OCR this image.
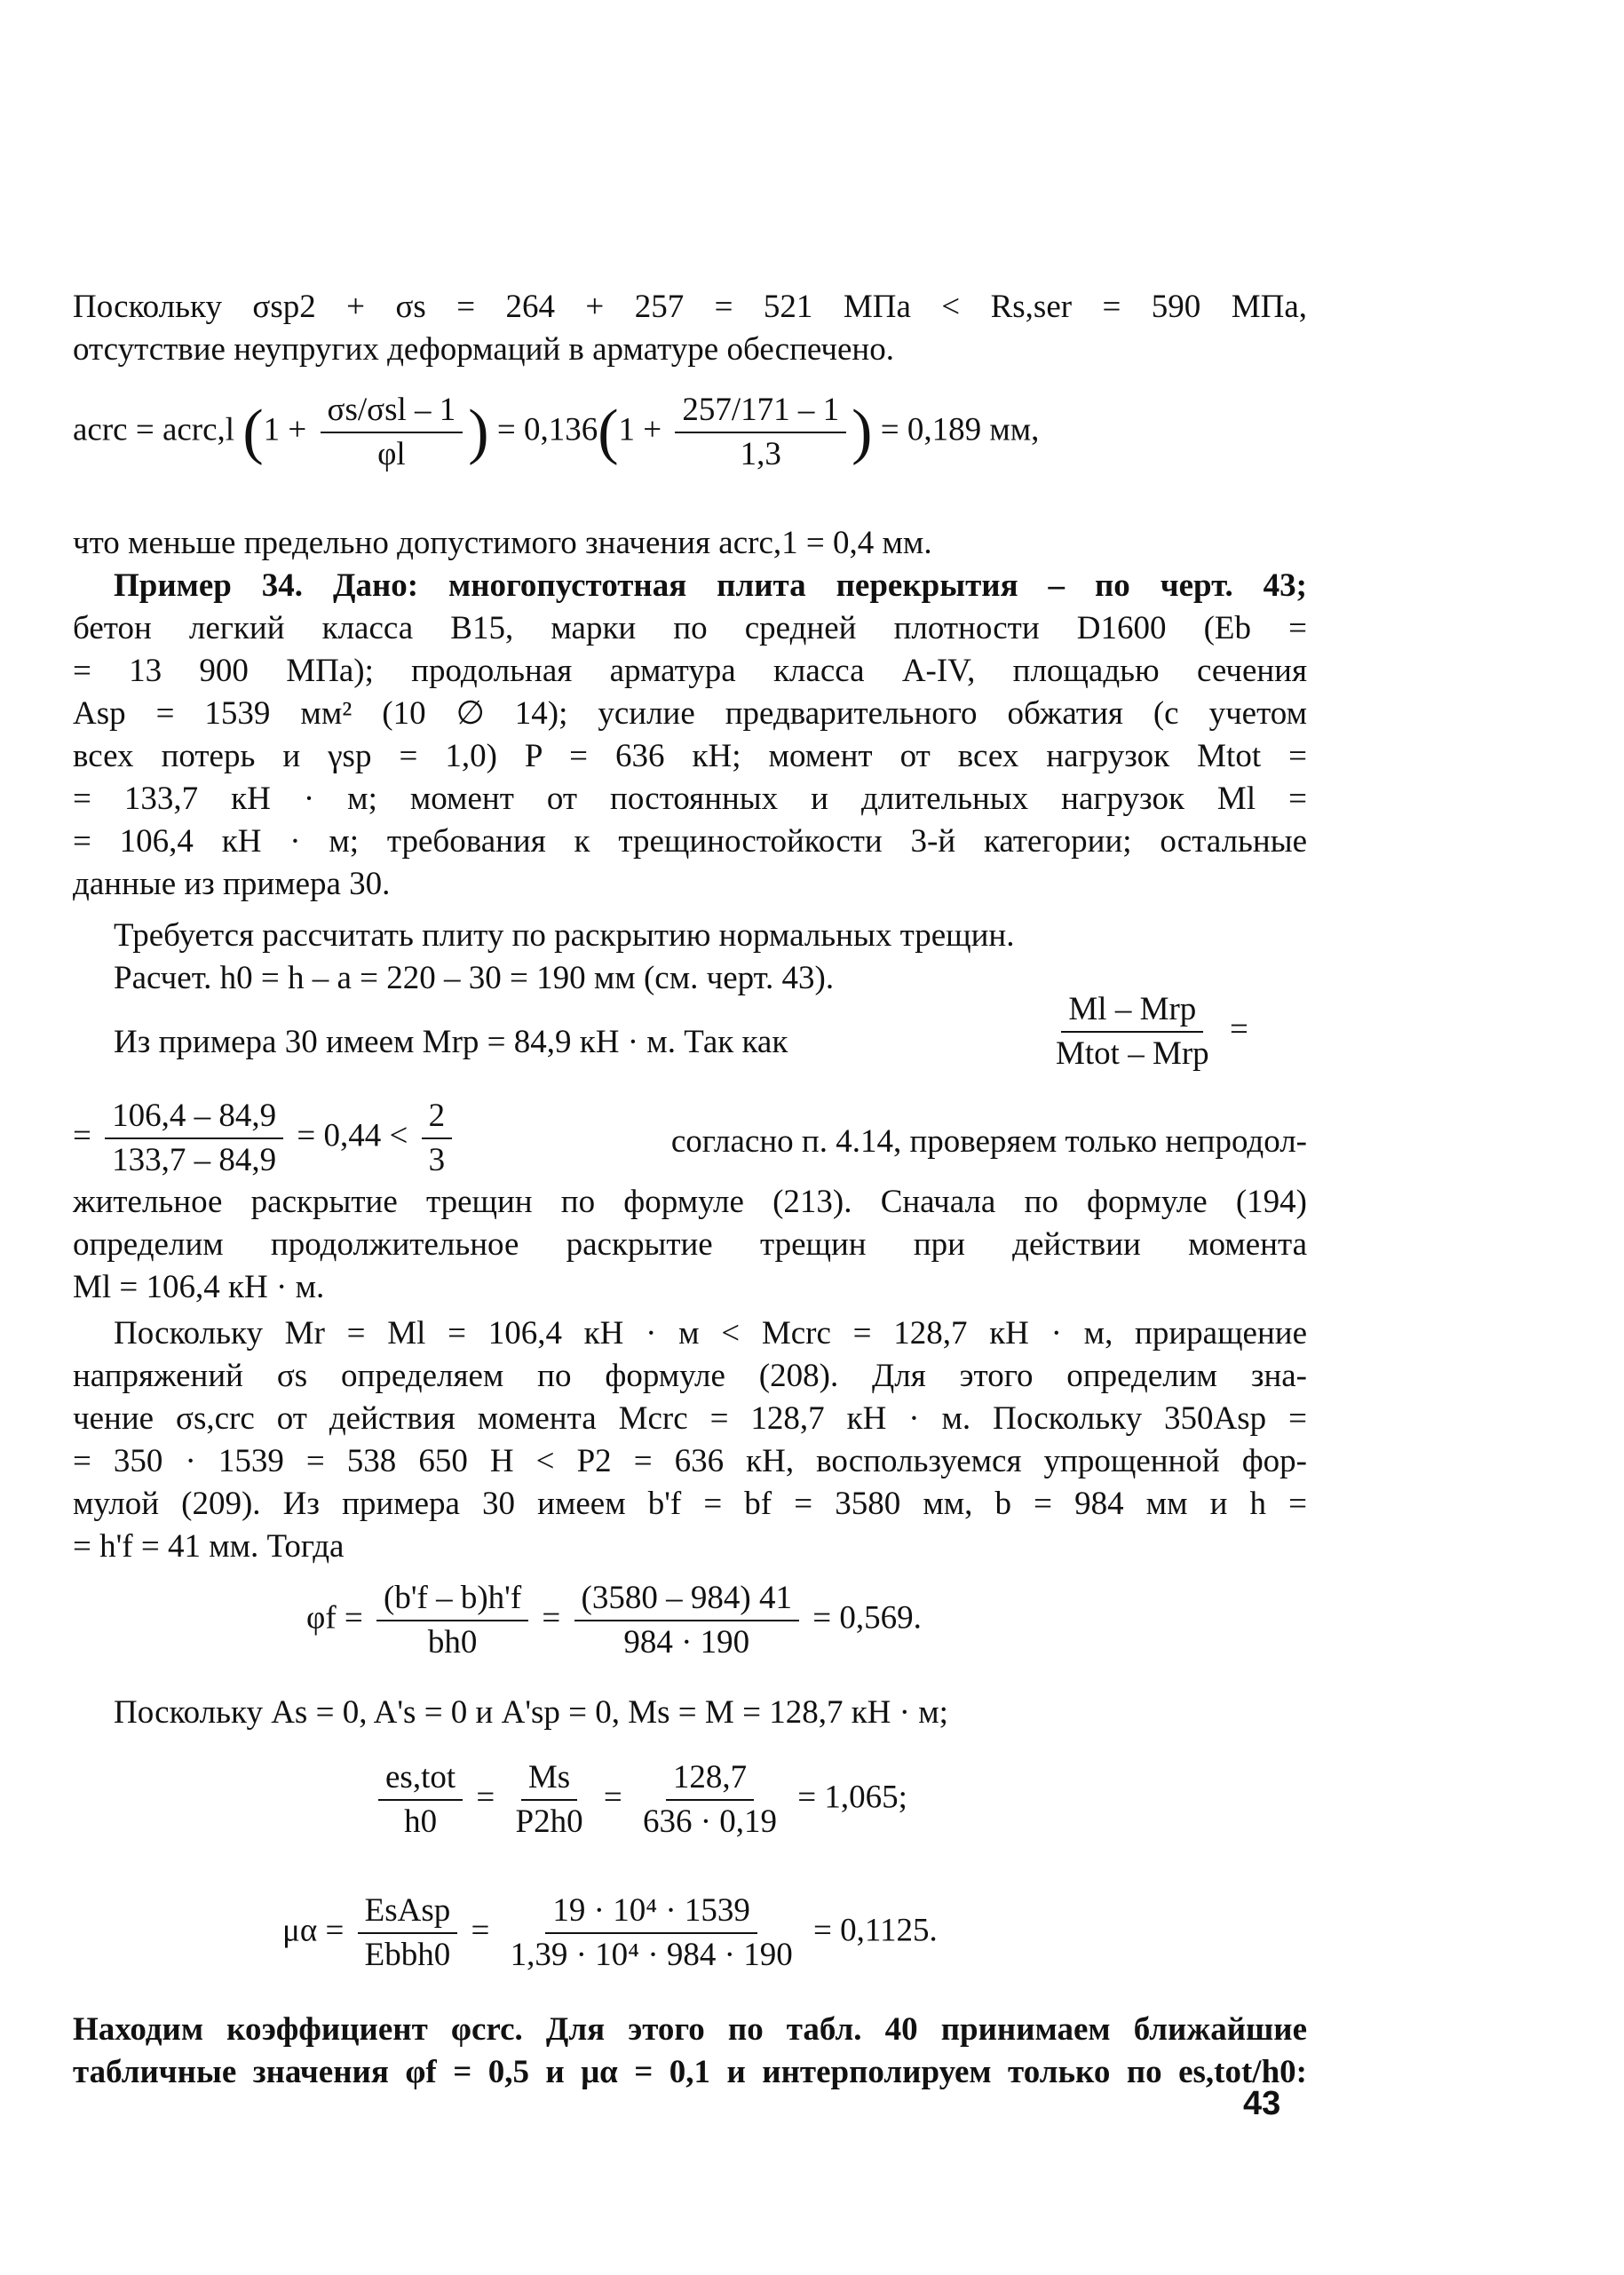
Поскольку σsp2 + σs = 264 + 257 = 521 МПа < Rs,ser = 590 МПа,
отсутствие неупругих деформаций в арматуре обеспечено.
acrc = acrc,l ($1 + \frac{\text{σs/σsl – 1}}{\varphi l}$ ) = $0,136(1 + \frac{257/171 - 1}{1,3}$ ) = 0,189 мм,
что меньше предельно допустимого значения acrc,1 = 0,4 мм.
Пример 34. Дано: многопустотная плита перекрытия – по черт. 43;
бетон легкий класса В15, марки по средней плотности D1600 (Eb =
= 13 900 МПа); продольная арматура класса A-IV, площадью сечения
Asp = 1539 мм² (10 ∅ 14); усилие предварительного обжатия (с учетом
всех потерь и γsp = 1,0) P = 636 кН; момент от всех нагрузок Mtot =
= 133,7 кН · м; момент от постоянных и длительных нагрузок Ml =
= 106,4 кН · м; требования к трещиностойкости 3-й категории; остальные
данные из примера 30.
Требуется рассчитать плиту по раскрытию нормальных трещин.
Расчет. h0 = h – a = 220 – 30 = 190 мм (см. черт. 43).
Из примера 30 имеем Mrp = 84,9 кН · м. Так как	$\frac{\text{Ml – Mrp}}{\text{Mtot – Mrp}}$ =
= $\frac{106,4 - 84,9}{133,7 - 84,9} = 0,44 < \frac{2}{3}$	согласно п. 4.14, проверяем только непродол-
жительное раскрытие трещин по формуле (213). Сначала по формуле (194)
определим продолжительное раскрытие трещин при действии момента
Ml = 106,4 кН · м.
Поскольку Mr = Ml = 106,4 кН · м < Mcrc = 128,7 кН · м, приращение
напряжений σs определяем по формуле (208). Для этого определим зна-
чение σs,crc от действия момента Mcrc = 128,7 кН · м. Поскольку 350Asp =
= 350 · 1539 = 538 650 Н < P2 = 636 кН, воспользуемся упрощенной фор-
мулой (209). Из примера 30 имеем b'f = bf = 3580 мм, b = 984 мм и h =
= h'f = 41 мм. Тогда
$\varphi f = \frac{(b'f - b)h'f}{bh0} = \frac{(3580 - 984) 41}{984 \cdot 190} = 0,569$.
Поскольку As = 0, A's = 0 и A'sp = 0, Ms = M = 128,7 кН · м;
$\frac{\text{es,tot}}{h0} = \frac{Ms}{P2h0} = \frac{128,7}{636 \cdot 0,19} = 1,065$;
$\mu\alpha = \frac{\text{EsAsp}}{\text{Ebbh0}} = \frac{\text{19 · 10⁴ · 1539}}{\text{1,39 · 10⁴ · 984 · 190}} = 0,1125$.
Находим коэффициент φcrc. Для этого по табл. 40 принимаем ближайшие
табличные значения φf = 0,5 и μα = 0,1 и интерполируем только по es,tot/h0:
43
